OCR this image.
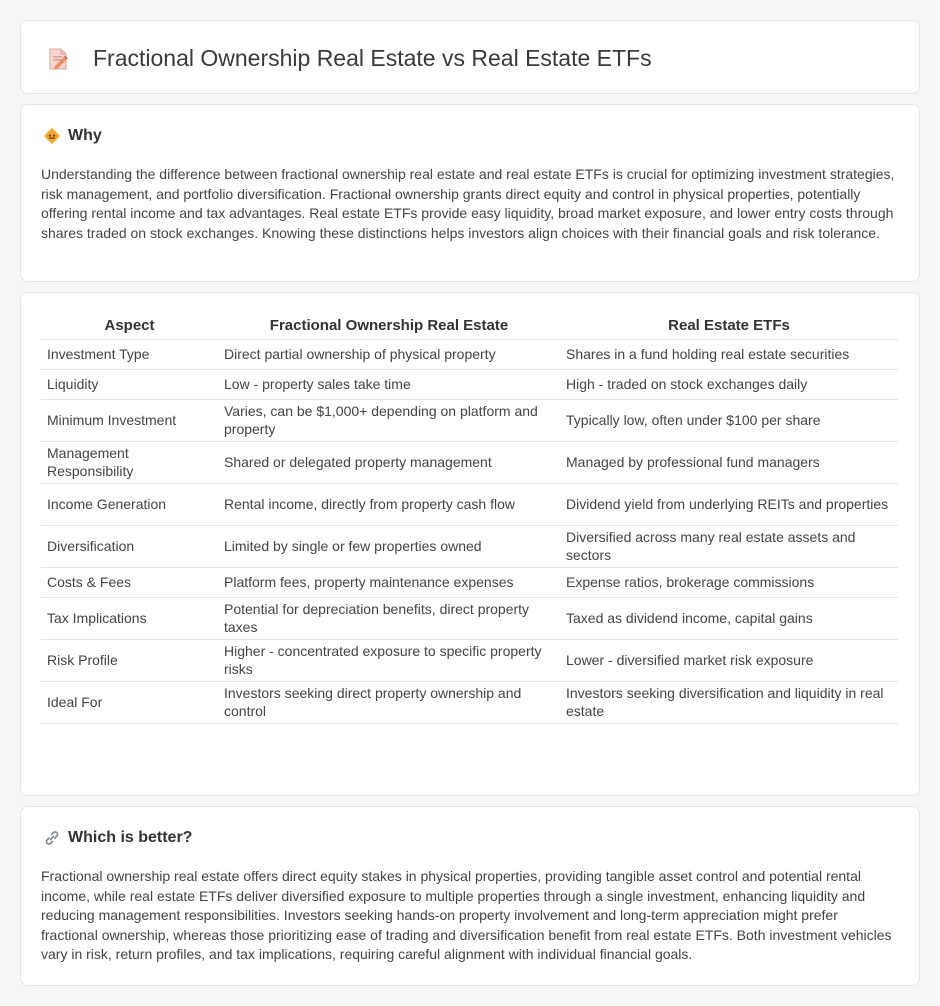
Fractional Ownership Real Estate vs Real Estate ETFs
Why

Understanding the difference between fractional ownership real estate and real estate ETFs is crucial for optimizing investment strategies, risk management, and portfolio diversification. Fractional ownership grants direct equity and control in physical properties, potentially offering rental income and tax advantages. Real estate ETFs provide easy liquidity, broad market exposure, and lower entry costs through shares traded on stock exchanges. Knowing these distinctions helps investors align choices with their financial goals and risk tolerance.

Aspect	Fractional Ownership Real Estate	Real Estate ETFs
Investment Type	Direct partial ownership of physical property	Shares in a fund holding real estate securities
Liquidity	Low - property sales take time	High - traded on stock exchanges daily
Minimum Investment	Varies, can be $1,000+ depending on platform and property	Typically low, often under $100 per share
Management Responsibility	Shared or delegated property management	Managed by professional fund managers
Income Generation	Rental income, directly from property cash flow	Dividend yield from underlying REITs and properties
Diversification	Limited by single or few properties owned	Diversified across many real estate assets and sectors
Costs & Fees	Platform fees, property maintenance expenses	Expense ratios, brokerage commissions
Tax Implications	Potential for depreciation benefits, direct property taxes	Taxed as dividend income, capital gains
Risk Profile	Higher - concentrated exposure to specific property risks	Lower - diversified market risk exposure
Ideal For	Investors seeking direct property ownership and control	Investors seeking diversification and liquidity in real estate
Which is better?

Fractional ownership real estate offers direct equity stakes in physical properties, providing tangible asset control and potential rental income, while real estate ETFs deliver diversified exposure to multiple properties through a single investment, enhancing liquidity and reducing management responsibilities. Investors seeking hands-on property involvement and long-term appreciation might prefer fractional ownership, whereas those prioritizing ease of trading and diversification benefit from real estate ETFs. Both investment vehicles vary in risk, return profiles, and tax implications, requiring careful alignment with individual financial goals.
